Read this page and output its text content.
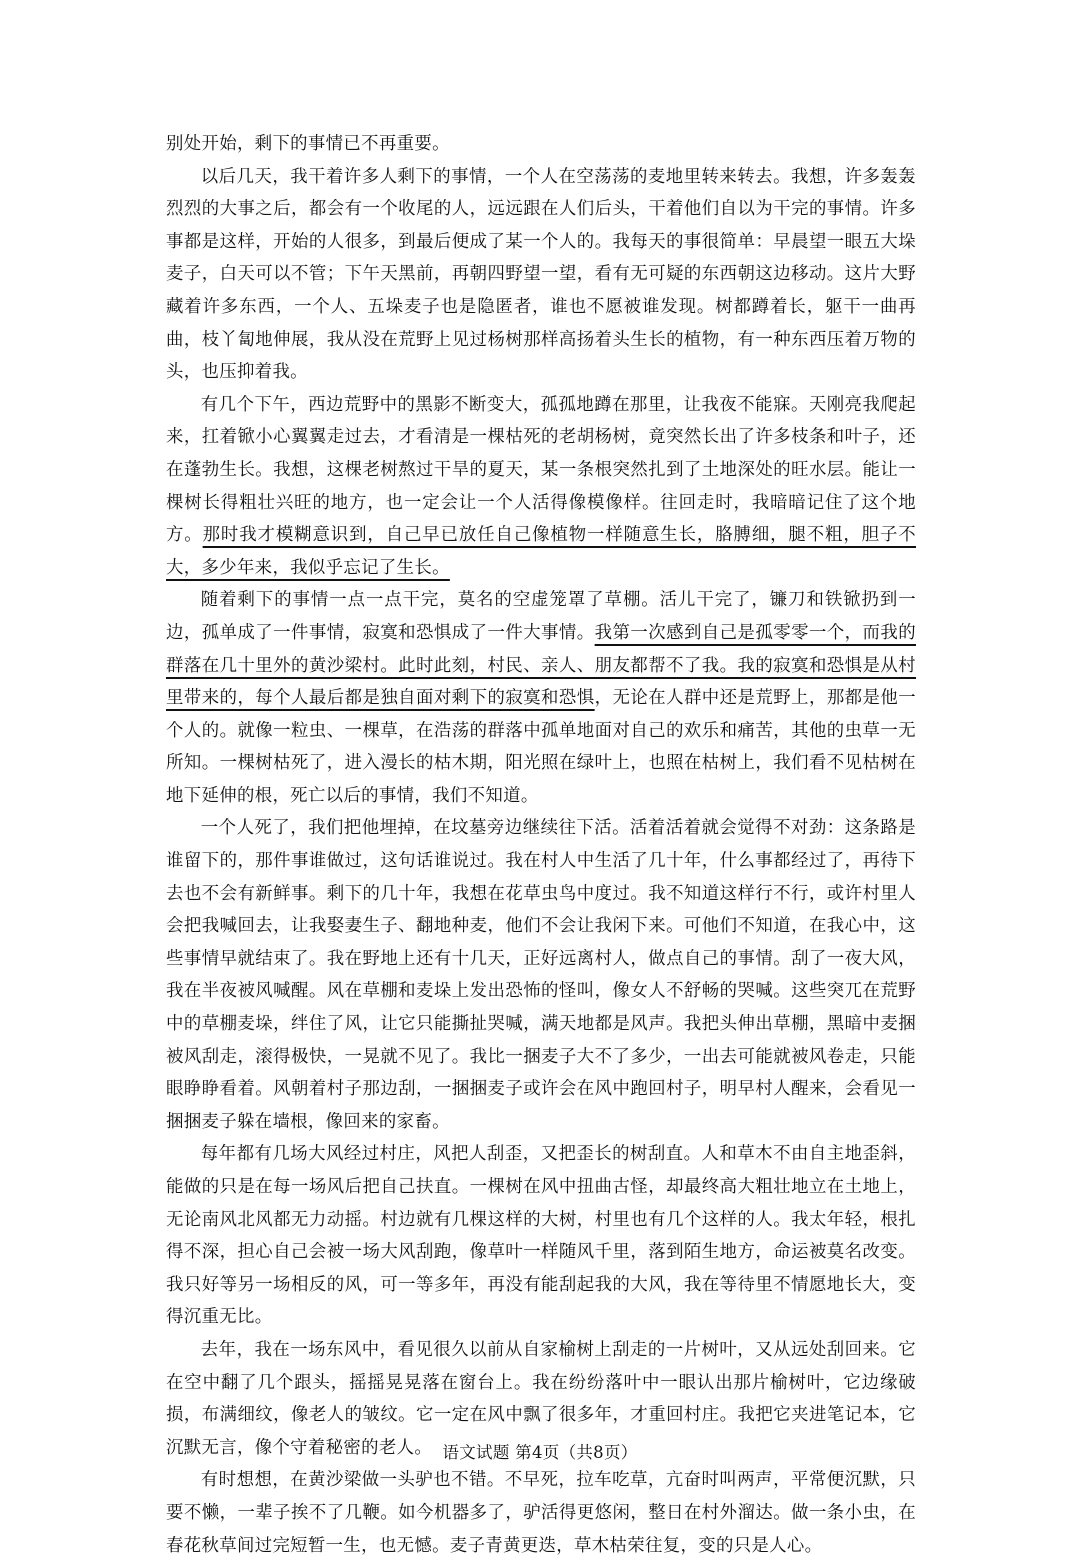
别处开始，剩下的事情已不再重要。

以后几天，我干着许多人剩下的事情，一个人在空荡荡的麦地里转来转去。我想，许多轰轰烈烈的大事之后，都会有一个收尾的人，远远跟在人们后头，干着他们自以为干完的事情。许多事都是这样，开始的人很多，到最后便成了某一个人的。我每天的事很简单：早晨望一眼五大垛麦子，白天可以不管；下午天黑前，再朝四野望一望，看有无可疑的东西朝这边移动。这片大野藏着许多东西，一个人、五垛麦子也是隐匿者，谁也不愿被谁发现。树都蹲着长，躯干一曲再曲，枝丫匐地伸展，我从没在荒野上见过杨树那样高扬着头生长的植物，有一种东西压着万物的头，也压抑着我。

有几个下午，西边荒野中的黑影不断变大，孤孤地蹲在那里，让我夜不能寐。天刚亮我爬起来，扛着锨小心翼翼走过去，才看清是一棵枯死的老胡杨树，竟突然长出了许多枝条和叶子，还在蓬勃生长。我想，这棵老树熬过干旱的夏天，某一条根突然扎到了土地深处的旺水层。能让一棵树长得粗壮兴旺的地方，也一定会让一个人活得像模像样。往回走时，我暗暗记住了这个地方。那时我才模糊意识到，自己早已放任自己像植物一样随意生长，胳膊细，腿不粗，胆子不大，多少年来，我似乎忘记了生长。

随着剩下的事情一点一点干完，莫名的空虚笼罩了草棚。活儿干完了，镰刀和铁锨扔到一边，孤单成了一件事情，寂寞和恐惧成了一件大事情。我第一次感到自己是孤零零一个，而我的群落在几十里外的黄沙梁村。此时此刻，村民、亲人、朋友都帮不了我。我的寂寞和恐惧是从村里带来的，每个人最后都是独自面对剩下的寂寞和恐惧，无论在人群中还是荒野上，那都是他一个人的。就像一粒虫、一棵草，在浩荡的群落中孤单地面对自己的欢乐和痛苦，其他的虫草一无所知。一棵树枯死了，进入漫长的枯木期，阳光照在绿叶上，也照在枯树上，我们看不见枯树在地下延伸的根，死亡以后的事情，我们不知道。

一个人死了，我们把他埋掉，在坟墓旁边继续往下活。活着活着就会觉得不对劲：这条路是谁留下的，那件事谁做过，这句话谁说过。我在村人中生活了几十年，什么事都经过了，再待下去也不会有新鲜事。剩下的几十年，我想在花草虫鸟中度过。我不知道这样行不行，或许村里人会把我喊回去，让我娶妻生子、翻地种麦，他们不会让我闲下来。可他们不知道，在我心中，这些事情早就结束了。我在野地上还有十几天，正好远离村人，做点自己的事情。刮了一夜大风，我在半夜被风喊醒。风在草棚和麦垛上发出恐怖的怪叫，像女人不舒畅的哭喊。这些突兀在荒野中的草棚麦垛，绊住了风，让它只能撕扯哭喊，满天地都是风声。我把头伸出草棚，黑暗中麦捆被风刮走，滚得极快，一晃就不见了。我比一捆麦子大不了多少，一出去可能就被风卷走，只能眼睁睁看着。风朝着村子那边刮，一捆捆麦子或许会在风中跑回村子，明早村人醒来，会看见一捆捆麦子躲在墙根，像回来的家畜。

每年都有几场大风经过村庄，风把人刮歪，又把歪长的树刮直。人和草木不由自主地歪斜，能做的只是在每一场风后把自己扶直。一棵树在风中扭曲古怪，却最终高大粗壮地立在土地上，无论南风北风都无力动摇。村边就有几棵这样的大树，村里也有几个这样的人。我太年轻，根扎得不深，担心自己会被一场大风刮跑，像草叶一样随风千里，落到陌生地方，命运被莫名改变。我只好等另一场相反的风，可一等多年，再没有能刮起我的大风，我在等待里不情愿地长大，变得沉重无比。

去年，我在一场东风中，看见很久以前从自家榆树上刮走的一片树叶，又从远处刮回来。它在空中翻了几个跟头，摇摇晃晃落在窗台上。我在纷纷落叶中一眼认出那片榆树叶，它边缘破损，布满细纹，像老人的皱纹。它一定在风中飘了很多年，才重回村庄。我把它夹进笔记本，它沉默无言，像个守着秘密的老人。

有时想想，在黄沙梁做一头驴也不错。不早死，拉车吃草，亢奋时叫两声，平常便沉默，只要不懒，一辈子挨不了几鞭。如今机器多了，驴活得更悠闲，整日在村外溜达。做一条小虫，在春花秋草间过完短暂一生，也无憾。麦子青黄更迭，草木枯荣往复，变的只是人心。

语文试题 第4页（共8页）
